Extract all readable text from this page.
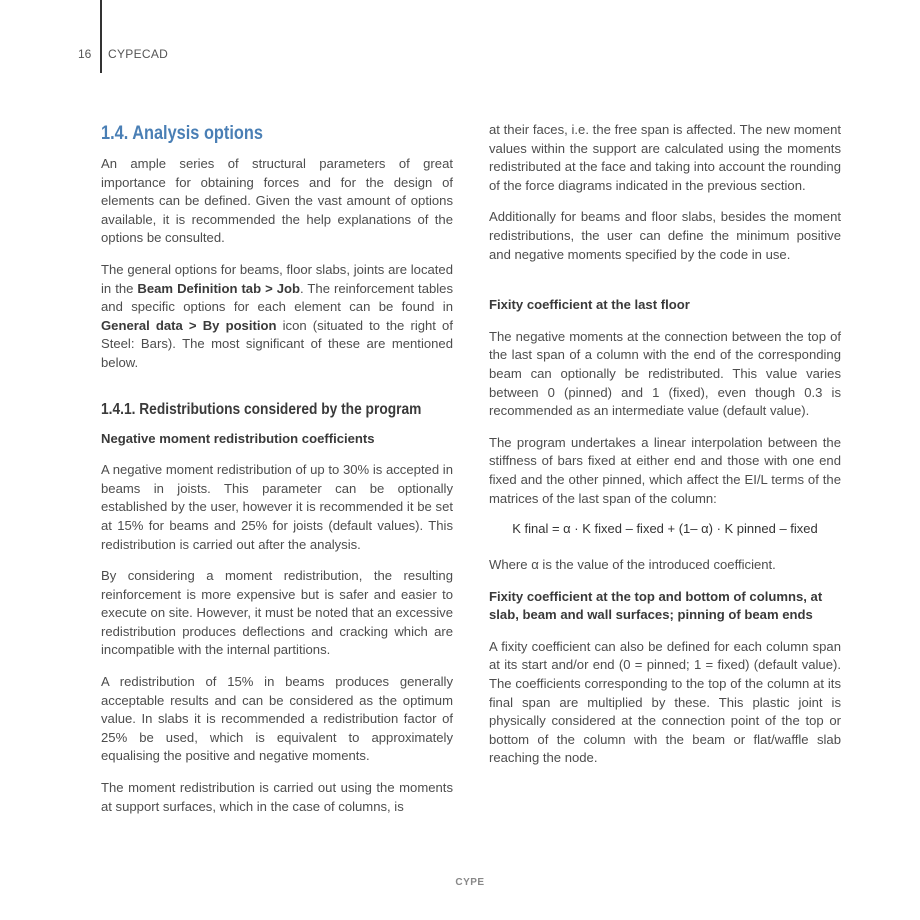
16 CYPECAD
1.4. Analysis options

An ample series of structural parameters of great importance for obtaining forces and for the design of elements can be defined. Given the vast amount of options available, it is recommended the help explanations of the options be consulted.

The general options for beams, floor slabs, joints are located in the Beam Definition tab > Job. The reinforcement tables and specific options for each element can be found in General data > By position icon (situated to the right of Steel: Bars). The most significant of these are mentioned below.

1.4.1. Redistributions considered by the program
Negative moment redistribution coefficients

A negative moment redistribution of up to 30% is accepted in beams in joists. This parameter can be optionally established by the user, however it is recommended it be set at 15% for beams and 25% for joists (default values). This redistribution is carried out after the analysis.

By considering a moment redistribution, the resulting reinforcement is more expensive but is safer and easier to execute on site. However, it must be noted that an excessive redistribution produces deflections and cracking which are incompatible with the internal partitions.

A redistribution of 15% in beams produces generally acceptable results and can be considered as the optimum value. In slabs it is recommended a redistribution factor of 25% be used, which is equivalent to approximately equalising the positive and negative moments.

The moment redistribution is carried out using the moments at support surfaces, which in the case of columns, is

at their faces, i.e. the free span is affected. The new moment values within the support are calculated using the moments redistributed at the face and taking into account the rounding of the force diagrams indicated in the previous section.

Additionally for beams and floor slabs, besides the moment redistributions, the user can define the minimum positive and negative moments specified by the code in use.

Fixity coefficient at the last floor

The negative moments at the connection between the top of the last span of a column with the end of the corresponding beam can optionally be redistributed. This value varies between 0 (pinned) and 1 (fixed), even though 0.3 is recommended as an intermediate value (default value).

The program undertakes a linear interpolation between the stiffness of bars fixed at either end and those with one end fixed and the other pinned, which affect the EI/L terms of the matrices of the last span of the column:

K final = α · K fixed – fixed + (1– α) · K pinned – fixed

Where α is the value of the introduced coefficient.

Fixity coefficient at the top and bottom of columns, at slab, beam and wall surfaces; pinning of beam ends

A fixity coefficient can also be defined for each column span at its start and/or end (0 = pinned; 1 = fixed) (default value). The coefficients corresponding to the top of the column at its final span are multiplied by these. This plastic joint is physically considered at the connection point of the top or bottom of the column with the beam or flat/waffle slab reaching the node.

CYPE
